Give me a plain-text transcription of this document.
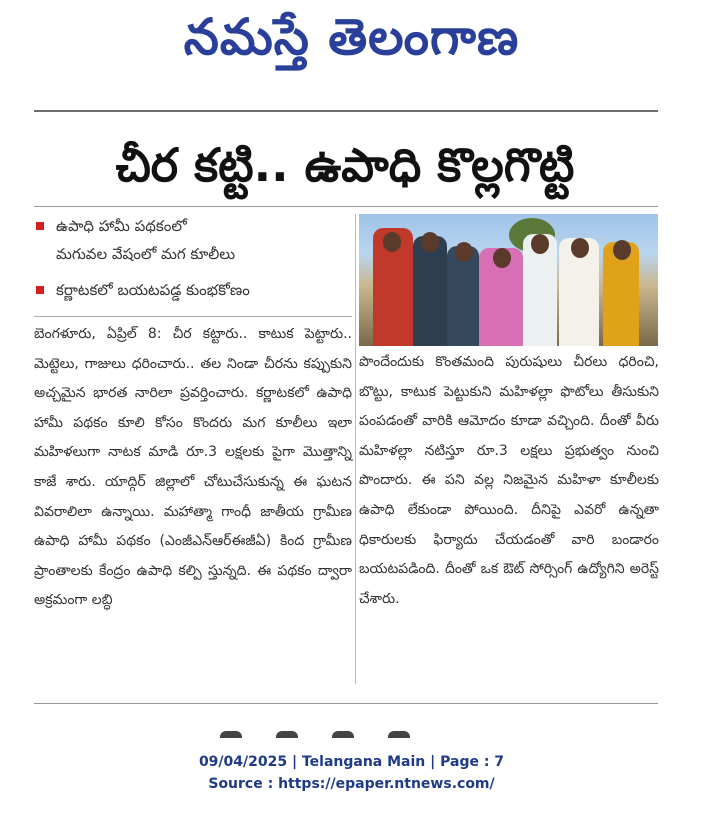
నమస్తే తెలంగాణ
చీర కట్టి.. ఉపాధి కొల్లగొట్టి
ఉపాధి హామీ పథకంలో
మగువల వేషంలో మగ కూలీలు
కర్ణాటకలో బయటపడ్డ కుంభకోణం
బెంగళూరు, ఏప్రిల్ 8: చీర కట్టారు.. కాటుక పెట్టారు.. మెట్టెలు, గాజులు ధరించారు.. తల నిండా చీరను కప్పుకుని అచ్చమైన భారత నారిలా ప్రవర్తించారు. కర్ణాటకలో ఉపాధి హామీ పథకం కూలి కోసం కొందరు మగ కూలీలు ఇలా మహిళలుగా నాటక మాడి రూ.3 లక్షలకు పైగా మొత్తాన్ని కాజే శారు. యాద్గిర్ జిల్లాలో చోటుచేసుకున్న ఈ ఘటన వివరాలిలా ఉన్నాయి. మహాత్మా గాంధీ జాతీయ గ్రామీణ ఉపాధి హామీ పథకం (ఎంజీఎన్ఆర్ఈజీఏ) కింద గ్రామీణ ప్రాంతాలకు కేంద్రం ఉపాధి కల్పి స్తున్నది. ఈ పథకం ద్వారా అక్రమంగా లబ్ధి
పొందేందుకు కొంతమంది పురుషులు చీరలు ధరించి, బొట్టు, కాటుక పెట్టుకుని మహిళల్లా ఫొటోలు తీసుకుని పంపడంతో వారికి ఆమోదం కూడా వచ్చింది. దీంతో వీరు మహిళల్లా నటిస్తూ రూ.3 లక్షలు ప్రభుత్వం నుంచి పొందారు. ఈ పని వల్ల నిజమైన మహిళా కూలీలకు ఉపాధి లేకుండా పోయింది. దీనిపై ఎవరో ఉన్నతా ధికారులకు ఫిర్యాదు చేయడంతో వారి బండారం బయటపడింది. దీంతో ఒక ఔట్ సోర్సింగ్ ఉద్యోగిని అరెస్ట్ చేశారు.
09/04/2025 | Telangana Main | Page : 7
Source : https://epaper.ntnews.com/
